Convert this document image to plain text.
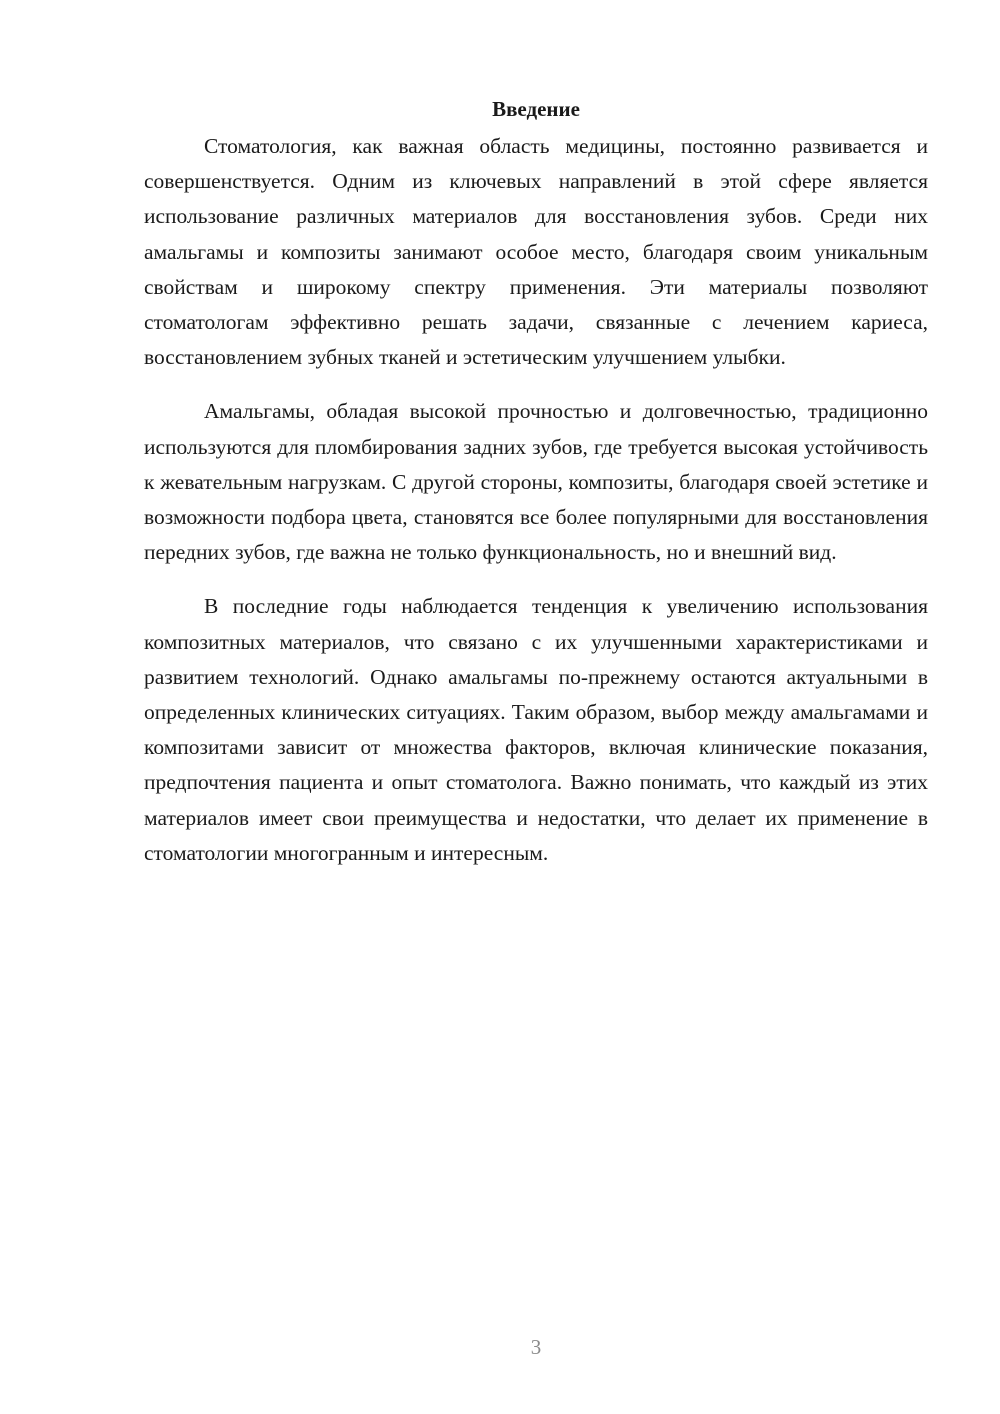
Введение

Стоматология, как важная область медицины, постоянно развивается и совершенствуется. Одним из ключевых направлений в этой сфере является использование различных материалов для восстановления зубов. Среди них амальгамы и композиты занимают особое место, благодаря своим уникальным свойствам и широкому спектру применения. Эти материалы позволяют стоматологам эффективно решать задачи, связанные с лечением кариеса, восстановлением зубных тканей и эстетическим улучшением улыбки.

Амальгамы, обладая высокой прочностью и долговечностью, традиционно используются для пломбирования задних зубов, где требуется высокая устойчивость к жевательным нагрузкам. С другой стороны, композиты, благодаря своей эстетике и возможности подбора цвета, становятся все более популярными для восстановления передних зубов, где важна не только функциональность, но и внешний вид.

В последние годы наблюдается тенденция к увеличению использования композитных материалов, что связано с их улучшенными характеристиками и развитием технологий. Однако амальгамы по-прежнему остаются актуальными в определенных клинических ситуациях. Таким образом, выбор между амальгамами и композитами зависит от множества факторов, включая клинические показания, предпочтения пациента и опыт стоматолога. Важно понимать, что каждый из этих материалов имеет свои преимущества и недостатки, что делает их применение в стоматологии многогранным и интересным.

3
